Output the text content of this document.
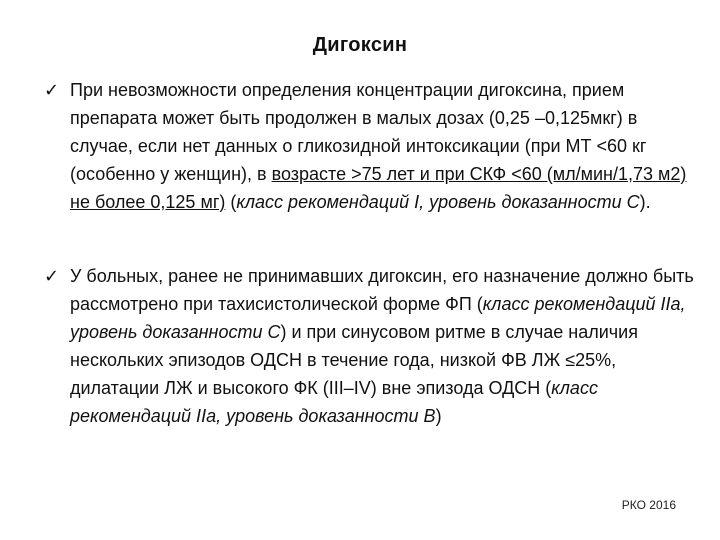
Дигоксин
✓ При невозможности определения концентрации дигоксина, прием препарата может быть продолжен в малых дозах (0,25 –0,125мкг) в случае, если нет данных о гликозидной интоксикации (при МТ <60 кг (особенно у женщин), в возрасте >75 лет и при СКФ <60 (мл/мин/1,73 м2) не более 0,125 мг) (класс рекомендаций I, уровень доказанности С).
✓ У больных, ранее не принимавших дигоксин, его назначение должно быть рассмотрено при тахисистолической форме ФП (класс рекомендаций IIa, уровень доказанности С) и при синусовом ритме в случае наличия нескольких эпизодов ОДСН в течение года, низкой ФВ ЛЖ ≤25%, дилатации ЛЖ и высокого ФК (III–IV) вне эпизода ОДСН (класс рекомендаций IIa, уровень доказанности В)
РКО 2016
